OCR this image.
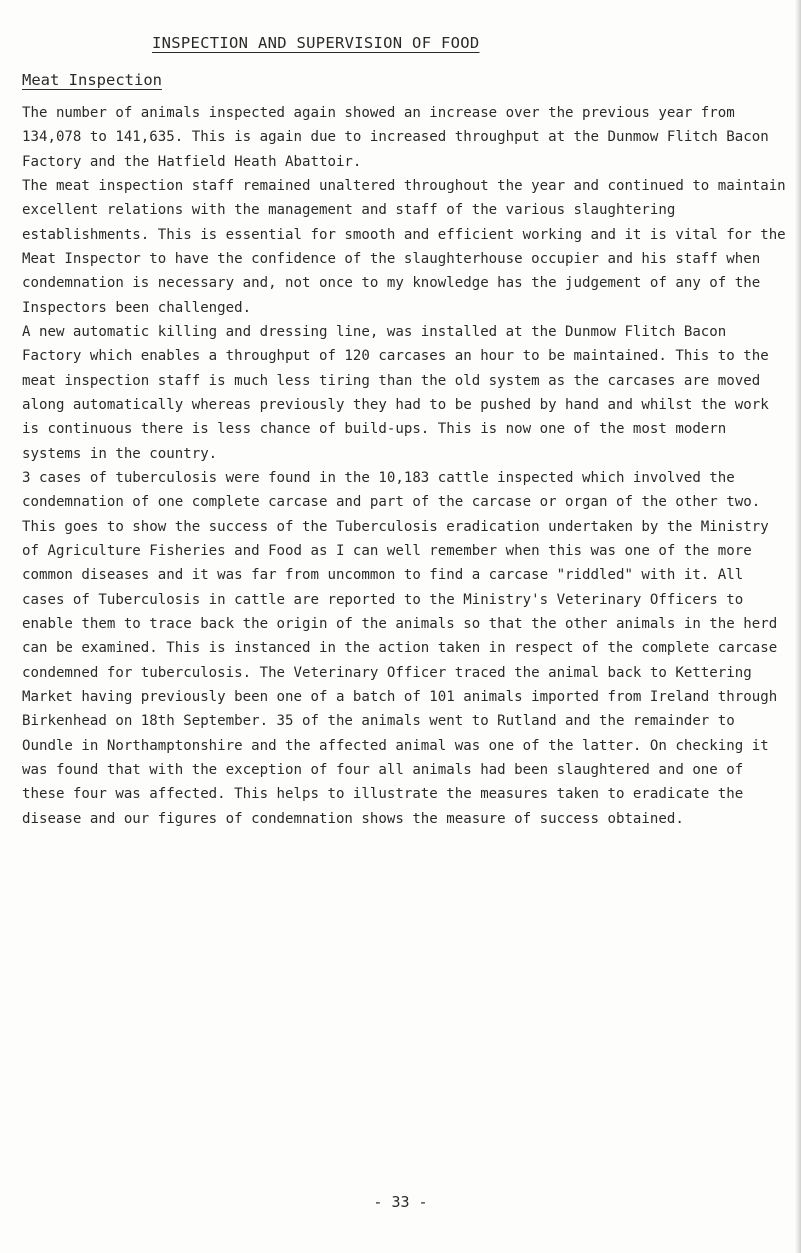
INSPECTION AND SUPERVISION OF FOOD
Meat Inspection

The number of animals inspected again showed an increase over the previous year from 134,078 to 141,635. This is again due to increased throughput at the Dunmow Flitch Bacon Factory and the Hatfield Heath Abattoir.

The meat inspection staff remained unaltered throughout the year and continued to maintain excellent relations with the management and staff of the various slaughtering establishments. This is essential for smooth and efficient working and it is vital for the Meat Inspector to have the confidence of the slaughterhouse occupier and his staff when condemnation is necessary and, not once to my knowledge has the judgement of any of the Inspectors been challenged.

A new automatic killing and dressing line, was installed at the Dunmow Flitch Bacon Factory which enables a throughput of 120 carcases an hour to be maintained. This to the meat inspection staff is much less tiring than the old system as the carcases are moved along automatically whereas previously they had to be pushed by hand and whilst the work is continuous there is less chance of build-ups. This is now one of the most modern systems in the country.

3 cases of tuberculosis were found in the 10,183 cattle inspected which involved the condemnation of one complete carcase and part of the carcase or organ of the other two. This goes to show the success of the Tuberculosis eradication undertaken by the Ministry of Agriculture Fisheries and Food as I can well remember when this was one of the more common diseases and it was far from uncommon to find a carcase "riddled" with it. All cases of Tuberculosis in cattle are reported to the Ministry's Veterinary Officers to enable them to trace back the origin of the animals so that the other animals in the herd can be examined. This is instanced in the action taken in respect of the complete carcase condemned for tuberculosis. The Veterinary Officer traced the animal back to Kettering Market having previously been one of a batch of 101 animals imported from Ireland through Birkenhead on 18th September. 35 of the animals went to Rutland and the remainder to Oundle in Northamptonshire and the affected animal was one of the latter. On checking it was found that with the exception of four all animals had been slaughtered and one of these four was affected. This helps to illustrate the measures taken to eradicate the disease and our figures of condemnation shows the measure of success obtained.

- 33 -
